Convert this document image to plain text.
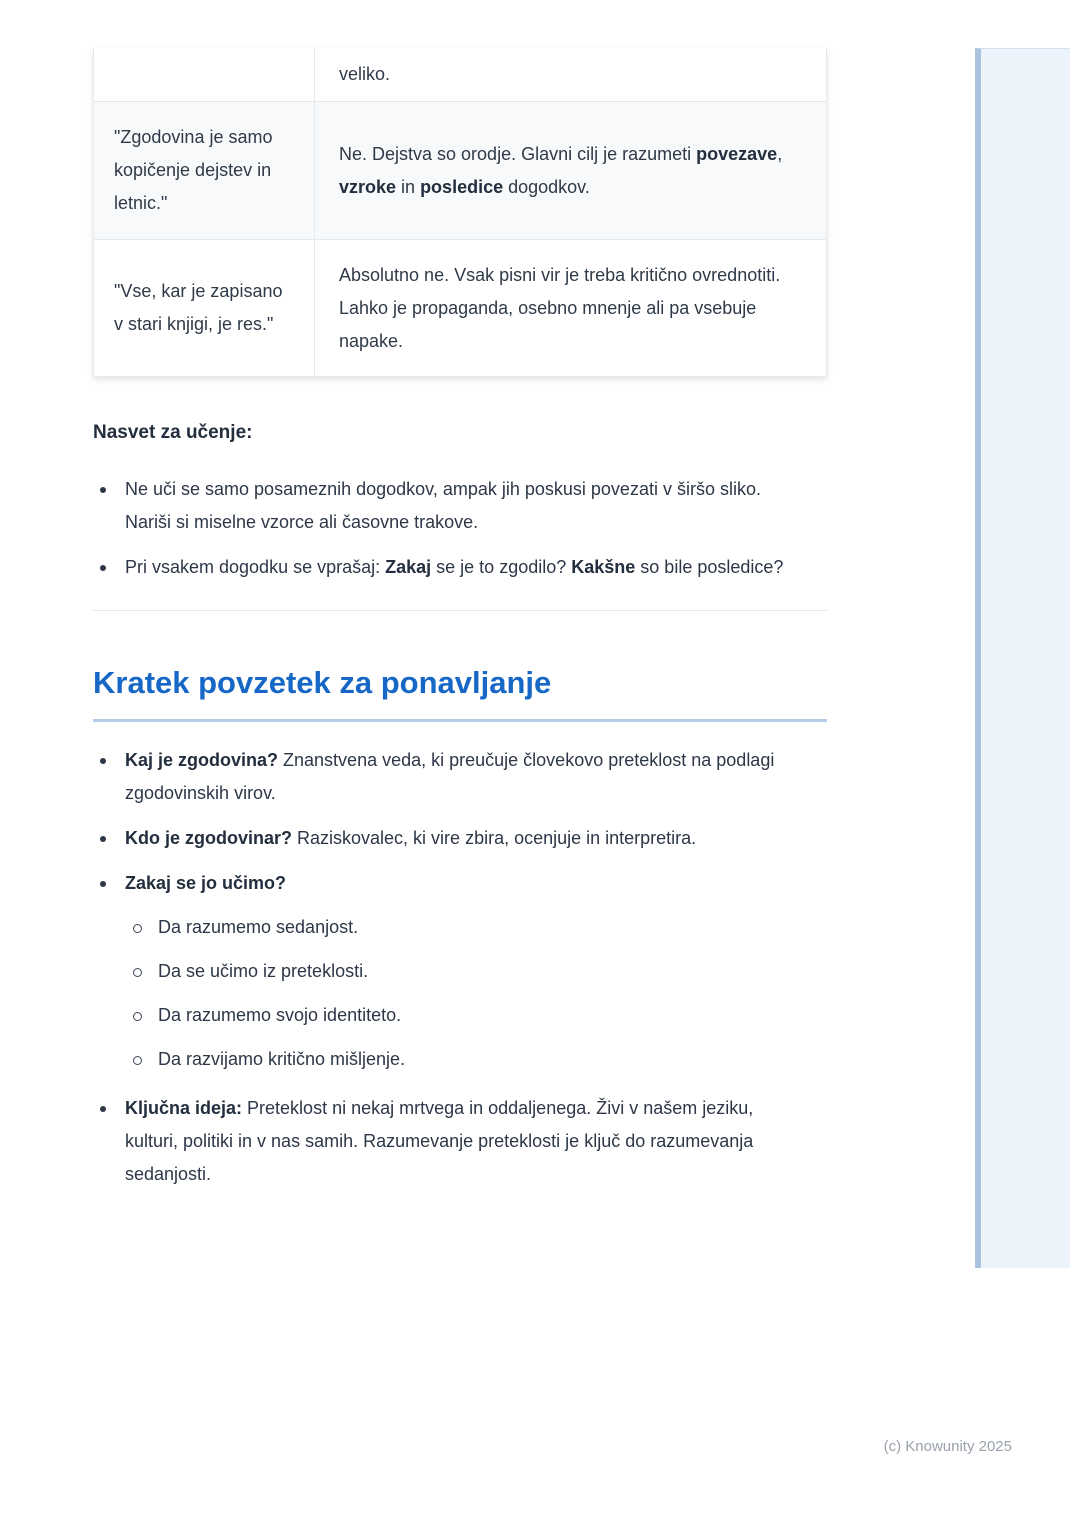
	veliko.
"Zgodovina je samo kopičenje dejstev in letnic."	Ne. Dejstva so orodje. Glavni cilj je razumeti povezave, vzroke in posledice dogodkov.
"Vse, kar je zapisano v stari knjigi, je res."	Absolutno ne. Vsak pisni vir je treba kritično ovrednotiti. Lahko je propaganda, osebno mnenje ali pa vsebuje napake.
Nasvet za učenje:
Ne uči se samo posameznih dogodkov, ampak jih poskusi povezati v širšo sliko. Nariši si miselne vzorce ali časovne trakove.
Pri vsakem dogodku se vprašaj: Zakaj se je to zgodilo? Kakšne so bile posledice?
Kratek povzetek za ponavljanje
Kaj je zgodovina? Znanstvena veda, ki preučuje človekovo preteklost na podlagi zgodovinskih virov.
Kdo je zgodovinar? Raziskovalec, ki vire zbira, ocenjuje in interpretira.
Zakaj se jo učimo?
Da razumemo sedanjost.
Da se učimo iz preteklosti.
Da razumemo svojo identiteto.
Da razvijamo kritično mišljenje.
Ključna ideja: Preteklost ni nekaj mrtvega in oddaljenega. Živi v našem jeziku, kulturi, politiki in v nas samih. Razumevanje preteklosti je ključ do razumevanja sedanjosti.
(c) Knowunity 2025
